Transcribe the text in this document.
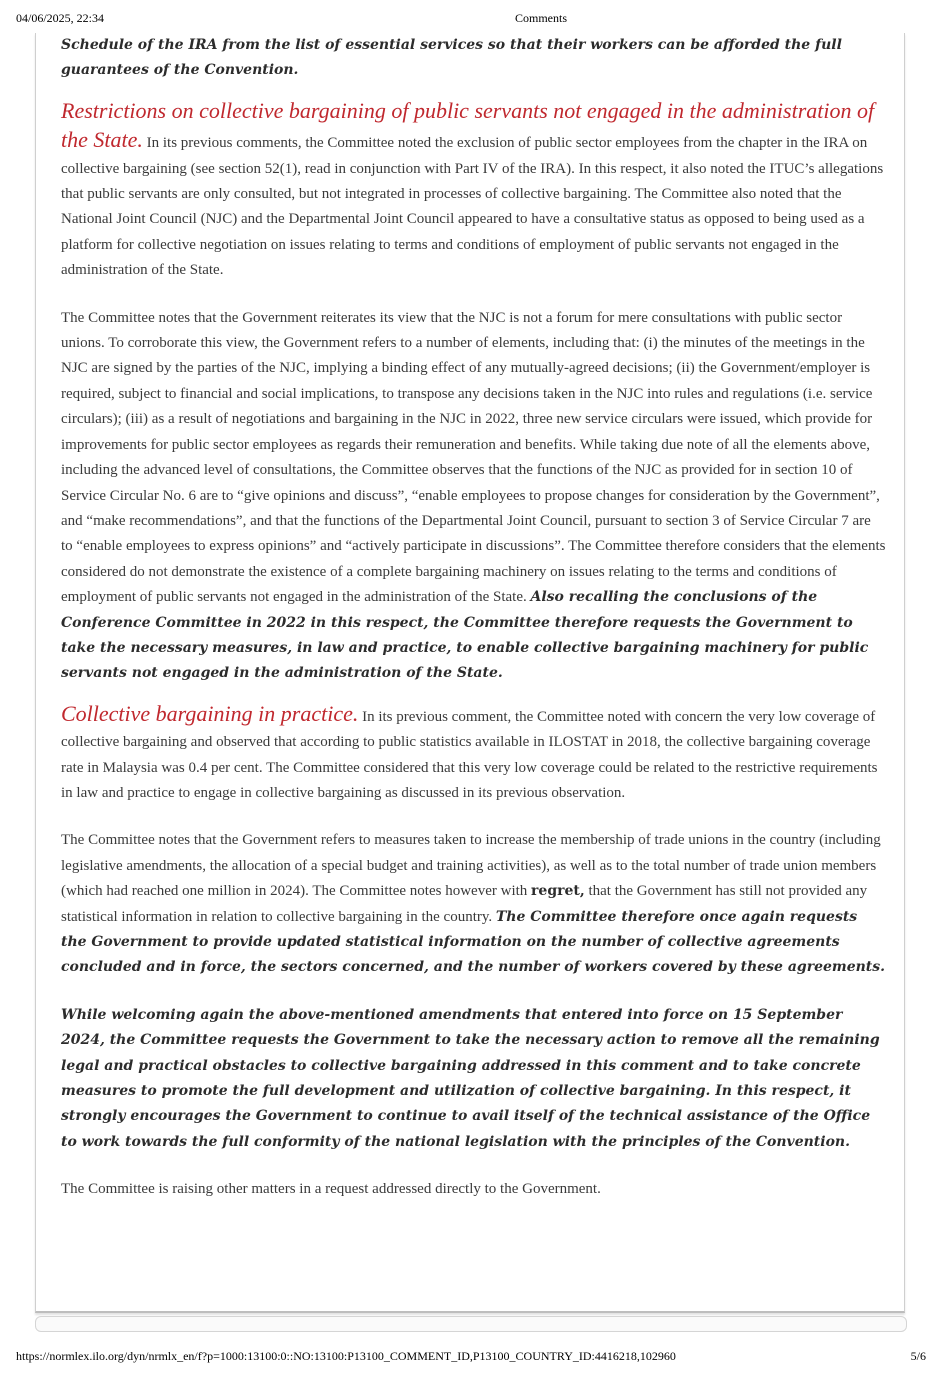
04/06/2025, 22:34	Comments

Schedule of the IRA from the list of essential services so that their workers can be afforded the full guarantees of the Convention.

Restrictions on collective bargaining of public servants not engaged in the administration of the State. In its previous comments, the Committee noted the exclusion of public sector employees from the chapter in the IRA on collective bargaining (see section 52(1), read in conjunction with Part IV of the IRA). In this respect, it also noted the ITUC’s allegations that public servants are only consulted, but not integrated in processes of collective bargaining. The Committee also noted that the National Joint Council (NJC) and the Departmental Joint Council appeared to have a consultative status as opposed to being used as a platform for collective negotiation on issues relating to terms and conditions of employment of public servants not engaged in the administration of the State.

The Committee notes that the Government reiterates its view that the NJC is not a forum for mere consultations with public sector unions. To corroborate this view, the Government refers to a number of elements, including that: (i) the minutes of the meetings in the NJC are signed by the parties of the NJC, implying a binding effect of any mutually-agreed decisions; (ii) the Government/employer is required, subject to financial and social implications, to transpose any decisions taken in the NJC into rules and regulations (i.e. service circulars); (iii) as a result of negotiations and bargaining in the NJC in 2022, three new service circulars were issued, which provide for improvements for public sector employees as regards their remuneration and benefits. While taking due note of all the elements above, including the advanced level of consultations, the Committee observes that the functions of the NJC as provided for in section 10 of Service Circular No. 6 are to “give opinions and discuss”, “enable employees to propose changes for consideration by the Government”, and “make recommendations”, and that the functions of the Departmental Joint Council, pursuant to section 3 of Service Circular 7 are to “enable employees to express opinions” and “actively participate in discussions”. The Committee therefore considers that the elements considered do not demonstrate the existence of a complete bargaining machinery on issues relating to the terms and conditions of employment of public servants not engaged in the administration of the State. Also recalling the conclusions of the Conference Committee in 2022 in this respect, the Committee therefore requests the Government to take the necessary measures, in law and practice, to enable collective bargaining machinery for public servants not engaged in the administration of the State.

Collective bargaining in practice. In its previous comment, the Committee noted with concern the very low coverage of collective bargaining and observed that according to public statistics available in ILOSTAT in 2018, the collective bargaining coverage rate in Malaysia was 0.4 per cent. The Committee considered that this very low coverage could be related to the restrictive requirements in law and practice to engage in collective bargaining as discussed in its previous observation.

The Committee notes that the Government refers to measures taken to increase the membership of trade unions in the country (including legislative amendments, the allocation of a special budget and training activities), as well as to the total number of trade union members (which had reached one million in 2024). The Committee notes however with regret, that the Government has still not provided any statistical information in relation to collective bargaining in the country. The Committee therefore once again requests the Government to provide updated statistical information on the number of collective agreements concluded and in force, the sectors concerned, and the number of workers covered by these agreements.

While welcoming again the above-mentioned amendments that entered into force on 15 September 2024, the Committee requests the Government to take the necessary action to remove all the remaining legal and practical obstacles to collective bargaining addressed in this comment and to take concrete measures to promote the full development and utilization of collective bargaining. In this respect, it strongly encourages the Government to continue to avail itself of the technical assistance of the Office to work towards the full conformity of the national legislation with the principles of the Convention.

The Committee is raising other matters in a request addressed directly to the Government.

https://normlex.ilo.org/dyn/nrmlx_en/f?p=1000:13100:0::NO:13100:P13100_COMMENT_ID,P13100_COUNTRY_ID:4416218,102960	5/6
